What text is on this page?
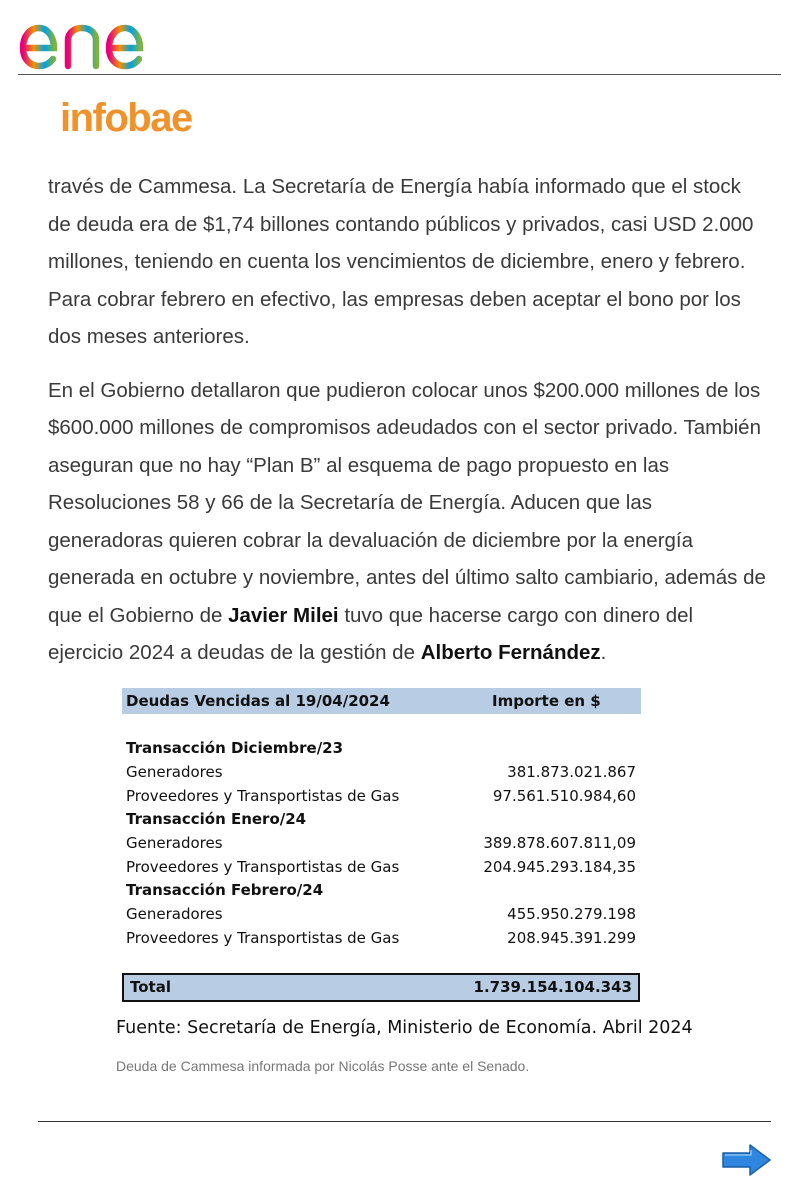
infobae

través de Cammesa. La Secretaría de Energía había informado que el stock de deuda era de $1,74 billones contando públicos y privados, casi USD 2.000 millones, teniendo en cuenta los vencimientos de diciembre, enero y febrero. Para cobrar febrero en efectivo, las empresas deben aceptar el bono por los dos meses anteriores.

En el Gobierno detallaron que pudieron colocar unos $200.000 millones de los $600.000 millones de compromisos adeudados con el sector privado. También aseguran que no hay “Plan B” al esquema de pago propuesto en las Resoluciones 58 y 66 de la Secretaría de Energía. Aducen que las generadoras quieren cobrar la devaluación de diciembre por la energía generada en octubre y noviembre, antes del último salto cambiario, además de que el Gobierno de Javier Milei tuvo que hacerse cargo con dinero del ejercicio 2024 a deudas de la gestión de Alberto Fernández.

Deudas Vencidas al 19/04/2024	Importe en $
Transacción Diciembre/23
Generadores	381.873.021.867
Proveedores y Transportistas de Gas	97.561.510.984,60
Transacción Enero/24
Generadores	389.878.607.811,09
Proveedores y Transportistas de Gas	204.945.293.184,35
Transacción Febrero/24
Generadores	455.950.279.198
Proveedores y Transportistas de Gas	208.945.391.299
Total	1.739.154.104.343
Fuente: Secretaría de Energía, Ministerio de Economía. Abril 2024
Deuda de Cammesa informada por Nicolás Posse ante el Senado.
